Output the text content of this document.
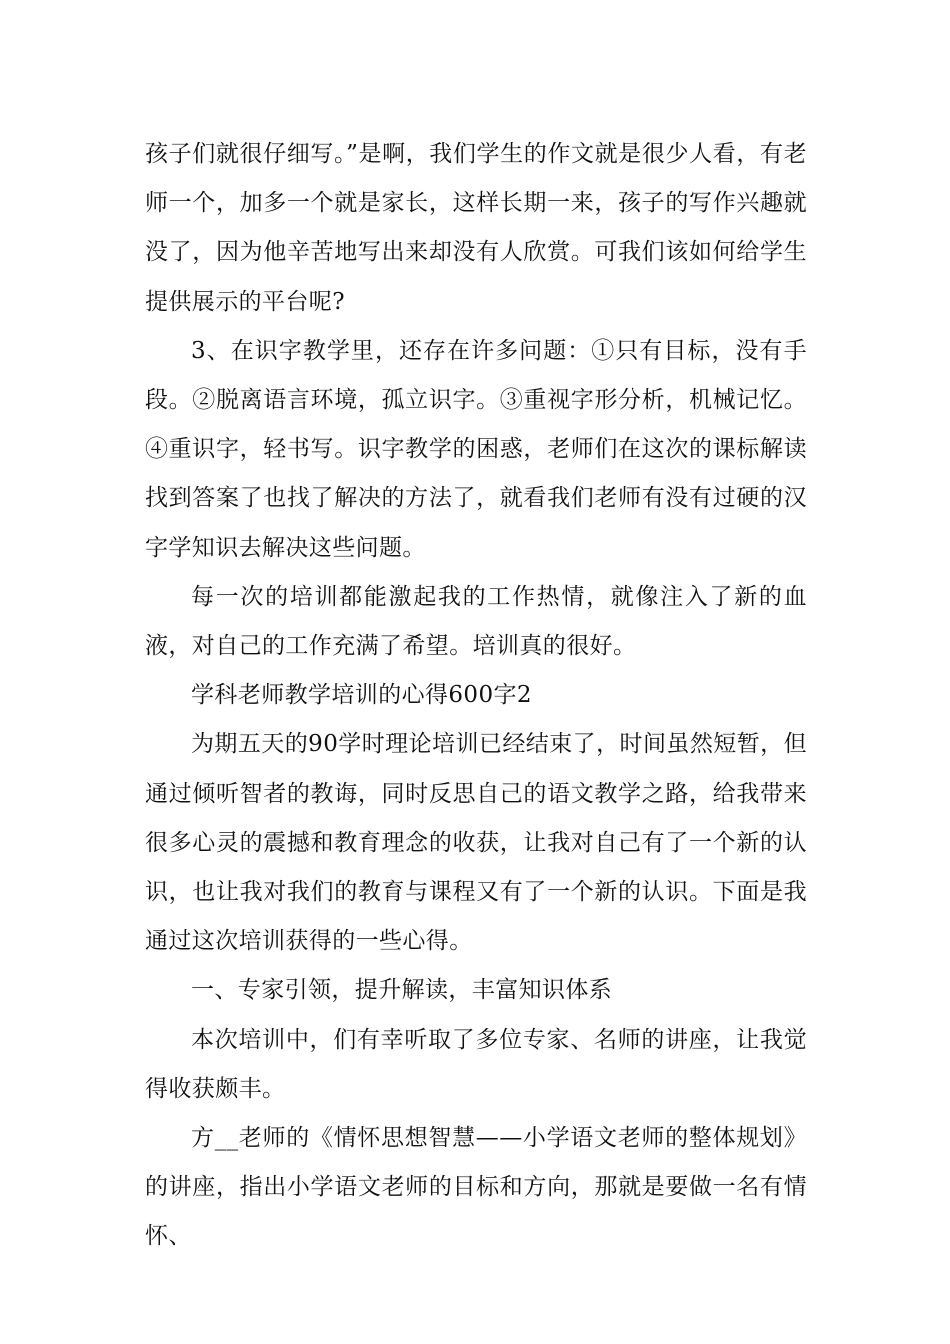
孩子们就很仔细写。”是啊，我们学生的作文就是很少人看，有老师一个，加多一个就是家长，这样长期一来，孩子的写作兴趣就没了，因为他辛苦地写出来却没有人欣赏。可我们该如何给学生提供展示的平台呢?

3、在识字教学里，还存在许多问题：①只有目标，没有手段。②脱离语言环境，孤立识字。③重视字形分析，机械记忆。④重识字，轻书写。识字教学的困惑，老师们在这次的课标解读找到答案了也找了解决的方法了，就看我们老师有没有过硬的汉字学知识去解决这些问题。

每一次的培训都能激起我的工作热情，就像注入了新的血液，对自己的工作充满了希望。培训真的很好。

学科老师教学培训的心得600字2

为期五天的90学时理论培训已经结束了，时间虽然短暂，但通过倾听智者的教诲，同时反思自己的语文教学之路，给我带来很多心灵的震撼和教育理念的收获，让我对自己有了一个新的认识，也让我对我们的教育与课程又有了一个新的认识。下面是我通过这次培训获得的一些心得。

一、专家引领，提升解读，丰富知识体系

本次培训中，们有幸听取了多位专家、名师的讲座，让我觉得收获颇丰。

方__老师的《情怀思想智慧——小学语文老师的整体规划》的讲座，指出小学语文老师的目标和方向，那就是要做一名有情怀、
